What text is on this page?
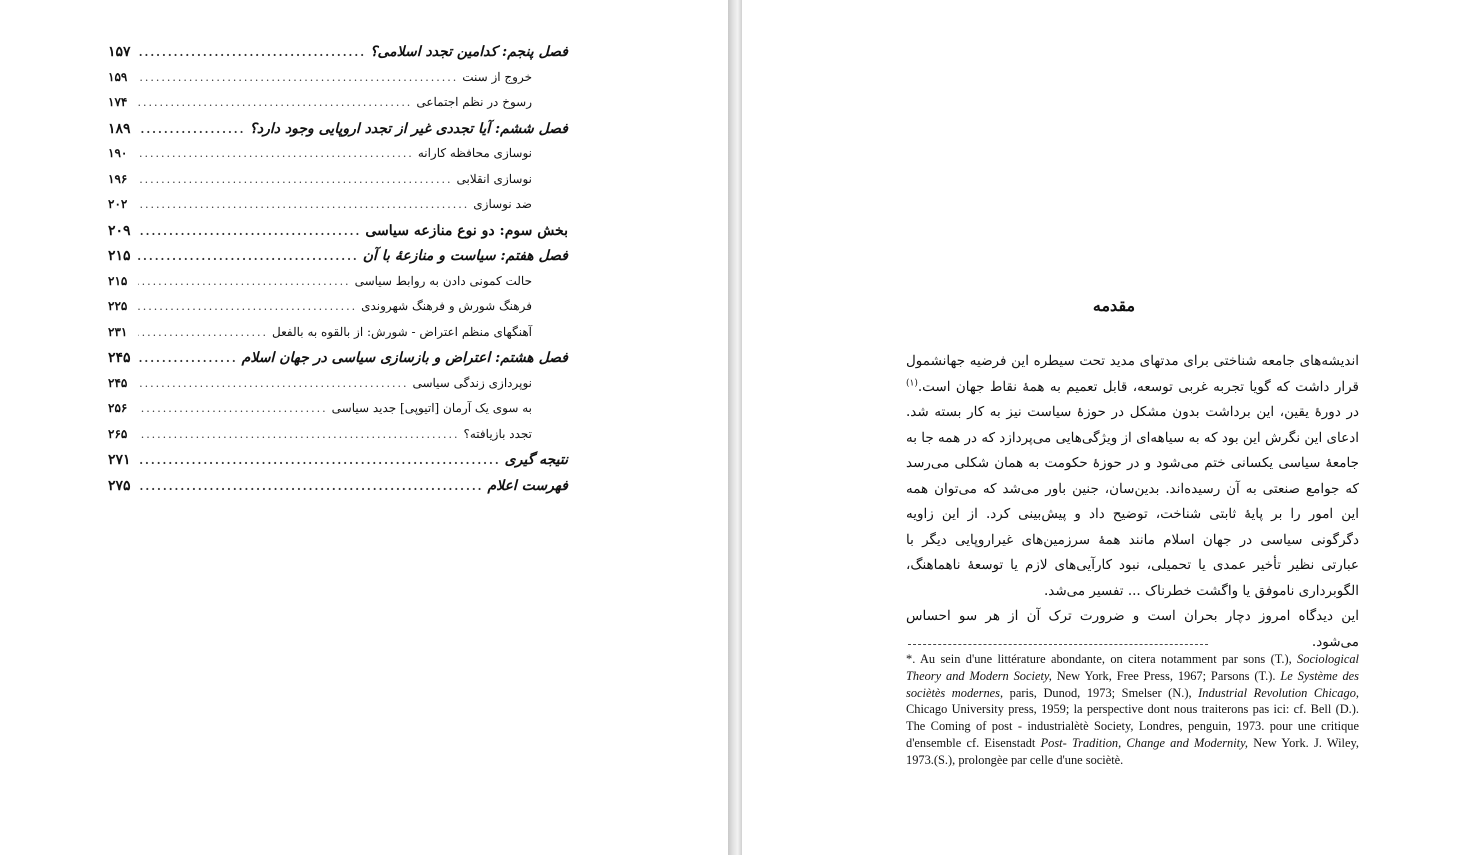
فصل پنجم: کدامین تجدد اسلامی؟
.....
۱۵۷
خروج از سنت
.....
۱۵۹
رسوخ در نظم اجتماعی
.....
۱۷۴
فصل ششم: آیا تجددی غیر از تجدد اروپایی وجود دارد؟
.....
۱۸۹
نوسازی محافظه کارانه
.....
۱۹۰
نوسازی انقلابی
.....
۱۹۶
ضد نوسازی
.....
۲۰۲
بخش سوم: دو نوع منازعه سیاسی
.....
۲۰۹
فصل هفتم: سیاست و منازعهٔ با آن
.....
۲۱۵
حالت کمونی دادن به روابط سیاسی
.....
۲۱۵
فرهنگ شورش و فرهنگ شهروندی
.....
۲۲۵
آهنگهای منظم اعتراض - شورش: از بالقوه به بالفعل
.....
۲۳۱
فصل هشتم: اعتراض و بازسازی سیاسی در جهان اسلام
.....
۲۴۵
نوپردازی زندگی سیاسی
.....
۲۴۵
به سوی یک آرمان [اتیوپی] جدید سیاسی
.....
۲۵۶
تجدد بازیافته؟
.....
۲۶۵
نتیجه گیری
.....
۲۷۱
فهرست اعلام
.....
۲۷۵
مقدمه

اندیشه‌های جامعه شناختی برای مدتهای مدید تحت سیطره این فرضیه جهانشمول قرار داشت که گویا تجربه غربی توسعه، قابل تعمیم به همهٔ نقاط جهان است.$^{(۱)}$ در دورهٔ یقین، این برداشت بدون مشکل در حوزهٔ سیاست نیز به کار بسته شد. ادعای این نگرش این بود که به سیاهه‌ای از ویژگی‌هایی می‌پردازد که در همه جا به جامعهٔ سیاسی یکسانی ختم می‌شود و در حوزهٔ حکومت به همان شکلی می‌رسد که جوامع صنعتی به آن رسیده‌اند. بدین‌سان، جنین باور می‌شد که می‌توان همه این امور را بر پایهٔ ثابتی شناخت، توضیح داد و پیش‌بینی کرد. از این زاویه دگرگونی سیاسی در جهان اسلام مانند همهٔ سرزمین‌های غیراروپایی دیگر با عبارتی نظیر تأخیر عمدی یا تحمیلی، نبود کارآیی‌های لازم یا توسعهٔ ناهماهنگ، الگوبرداری ناموفق یا واگشت خطرناک ... تفسیر می‌شد.

این دیدگاه امروز دچار بحران است و ضرورت ترک آن از هر سو احساس می‌شود.

*. Au sein d'une littérature abondante, on citera notamment par sons (T.), Sociological Theory and Modern Society, New York, Free Press, 1967; Parsons (T.). Le Système des sociètès modernes, paris, Dunod, 1973; Smelser (N.), Industrial Revolution Chicago, Chicago University press, 1959; la perspective dont nous traiterons pas ici: cf. Bell (D.). The Coming of post - industrialètè Society, Londres, penguin, 1973. pour une critique d'ensemble cf. Eisenstadt Post- Tradition, Change and Modernity, New York. J. Wiley, 1973.(S.), prolongèe par celle d'une sociètè.
